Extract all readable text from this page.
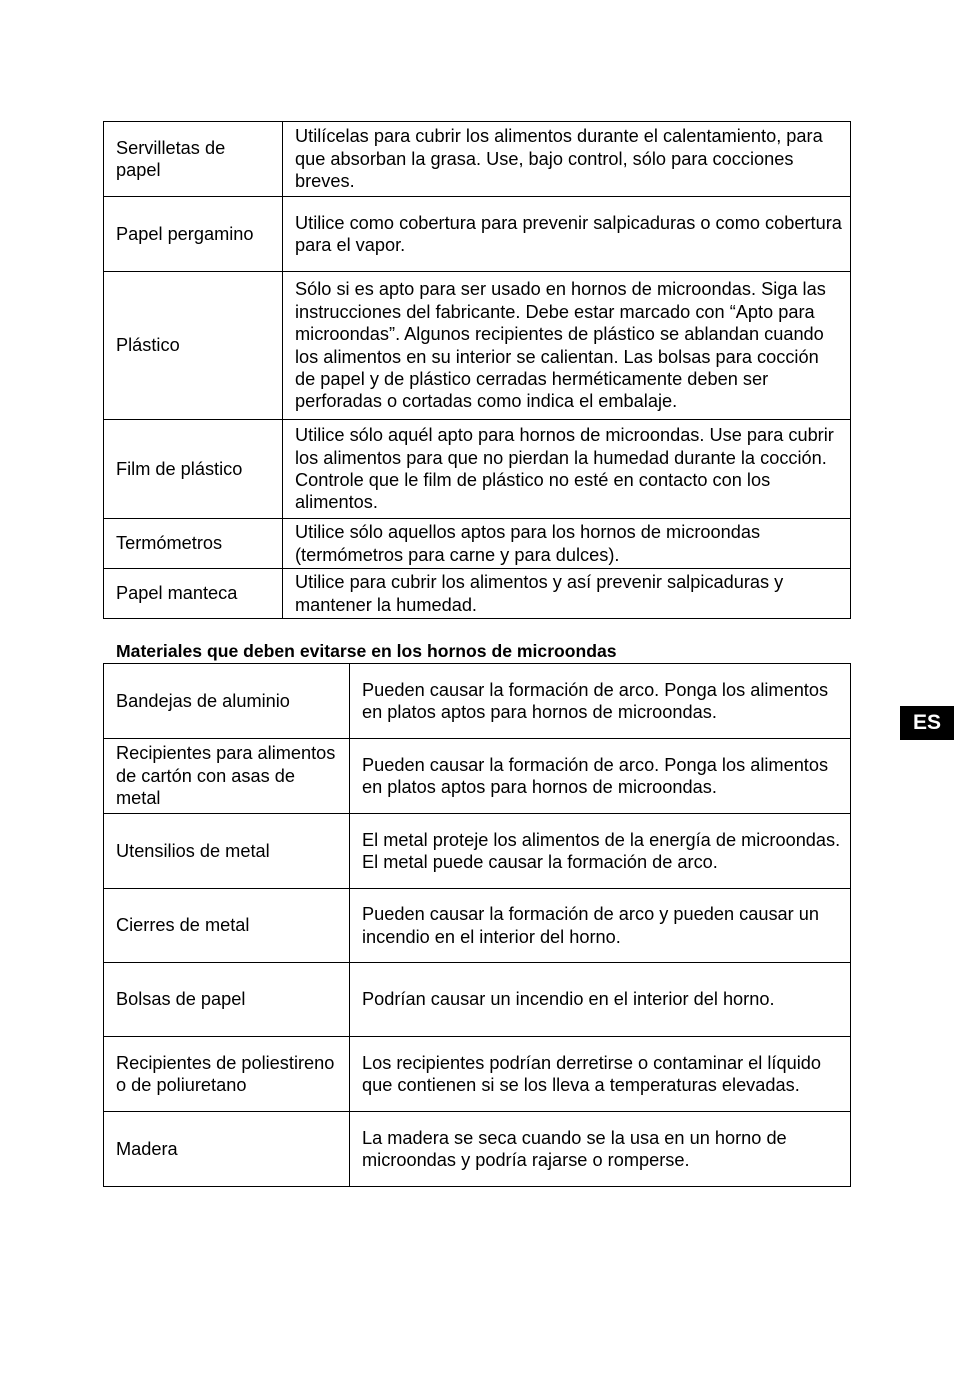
Servilletas de papel	Utilícelas para cubrir los alimentos durante el calentamiento, para que absorban la grasa. Use, bajo control, sólo para cocciones breves.
Papel pergamino	Utilice como cobertura para prevenir salpicaduras o como cobertura para el vapor.
Plástico	Sólo si es apto para ser usado en hornos de microondas. Siga las instrucciones del fabricante. Debe estar marcado con “Apto para microondas”. Algunos recipientes de plástico se ablandan cuando los alimentos en su interior se calientan. Las bolsas para cocción de papel y de plástico cerradas herméticamente deben ser perforadas o cortadas como indica el embalaje.
Film de plástico	Utilice sólo aquél apto para hornos de microondas. Use para cubrir los alimentos para que no pierdan la humedad durante la cocción. Controle que le film de plástico no esté en contacto con los alimentos.
Termómetros	Utilice sólo aquellos aptos para los hornos de microondas (termómetros para carne y para dulces).
Papel manteca	Utilice para cubrir los alimentos y así prevenir salpicaduras y mantener la humedad.
Materiales que deben evitarse en los hornos de microondas
Bandejas de aluminio	Pueden causar la formación de arco. Ponga los alimentos en platos aptos para hornos de microondas.
Recipientes para alimentos de cartón con asas de metal	Pueden causar la formación de arco. Ponga los alimentos en platos aptos para hornos de microondas.
Utensilios de metal	El metal proteje los alimentos de la energía de microondas. El metal puede causar la formación de arco.
Cierres de metal	Pueden causar la formación de arco y pueden causar un incendio en el interior del horno.
Bolsas de papel	Podrían causar un incendio en el interior del horno.
Recipientes de poliestireno o de poliuretano	Los recipientes podrían derretirse o contaminar el líquido que contienen si se los lleva a temperaturas elevadas.
Madera	La madera se seca cuando se la usa en un horno de microondas y podría rajarse o romperse.
ES
